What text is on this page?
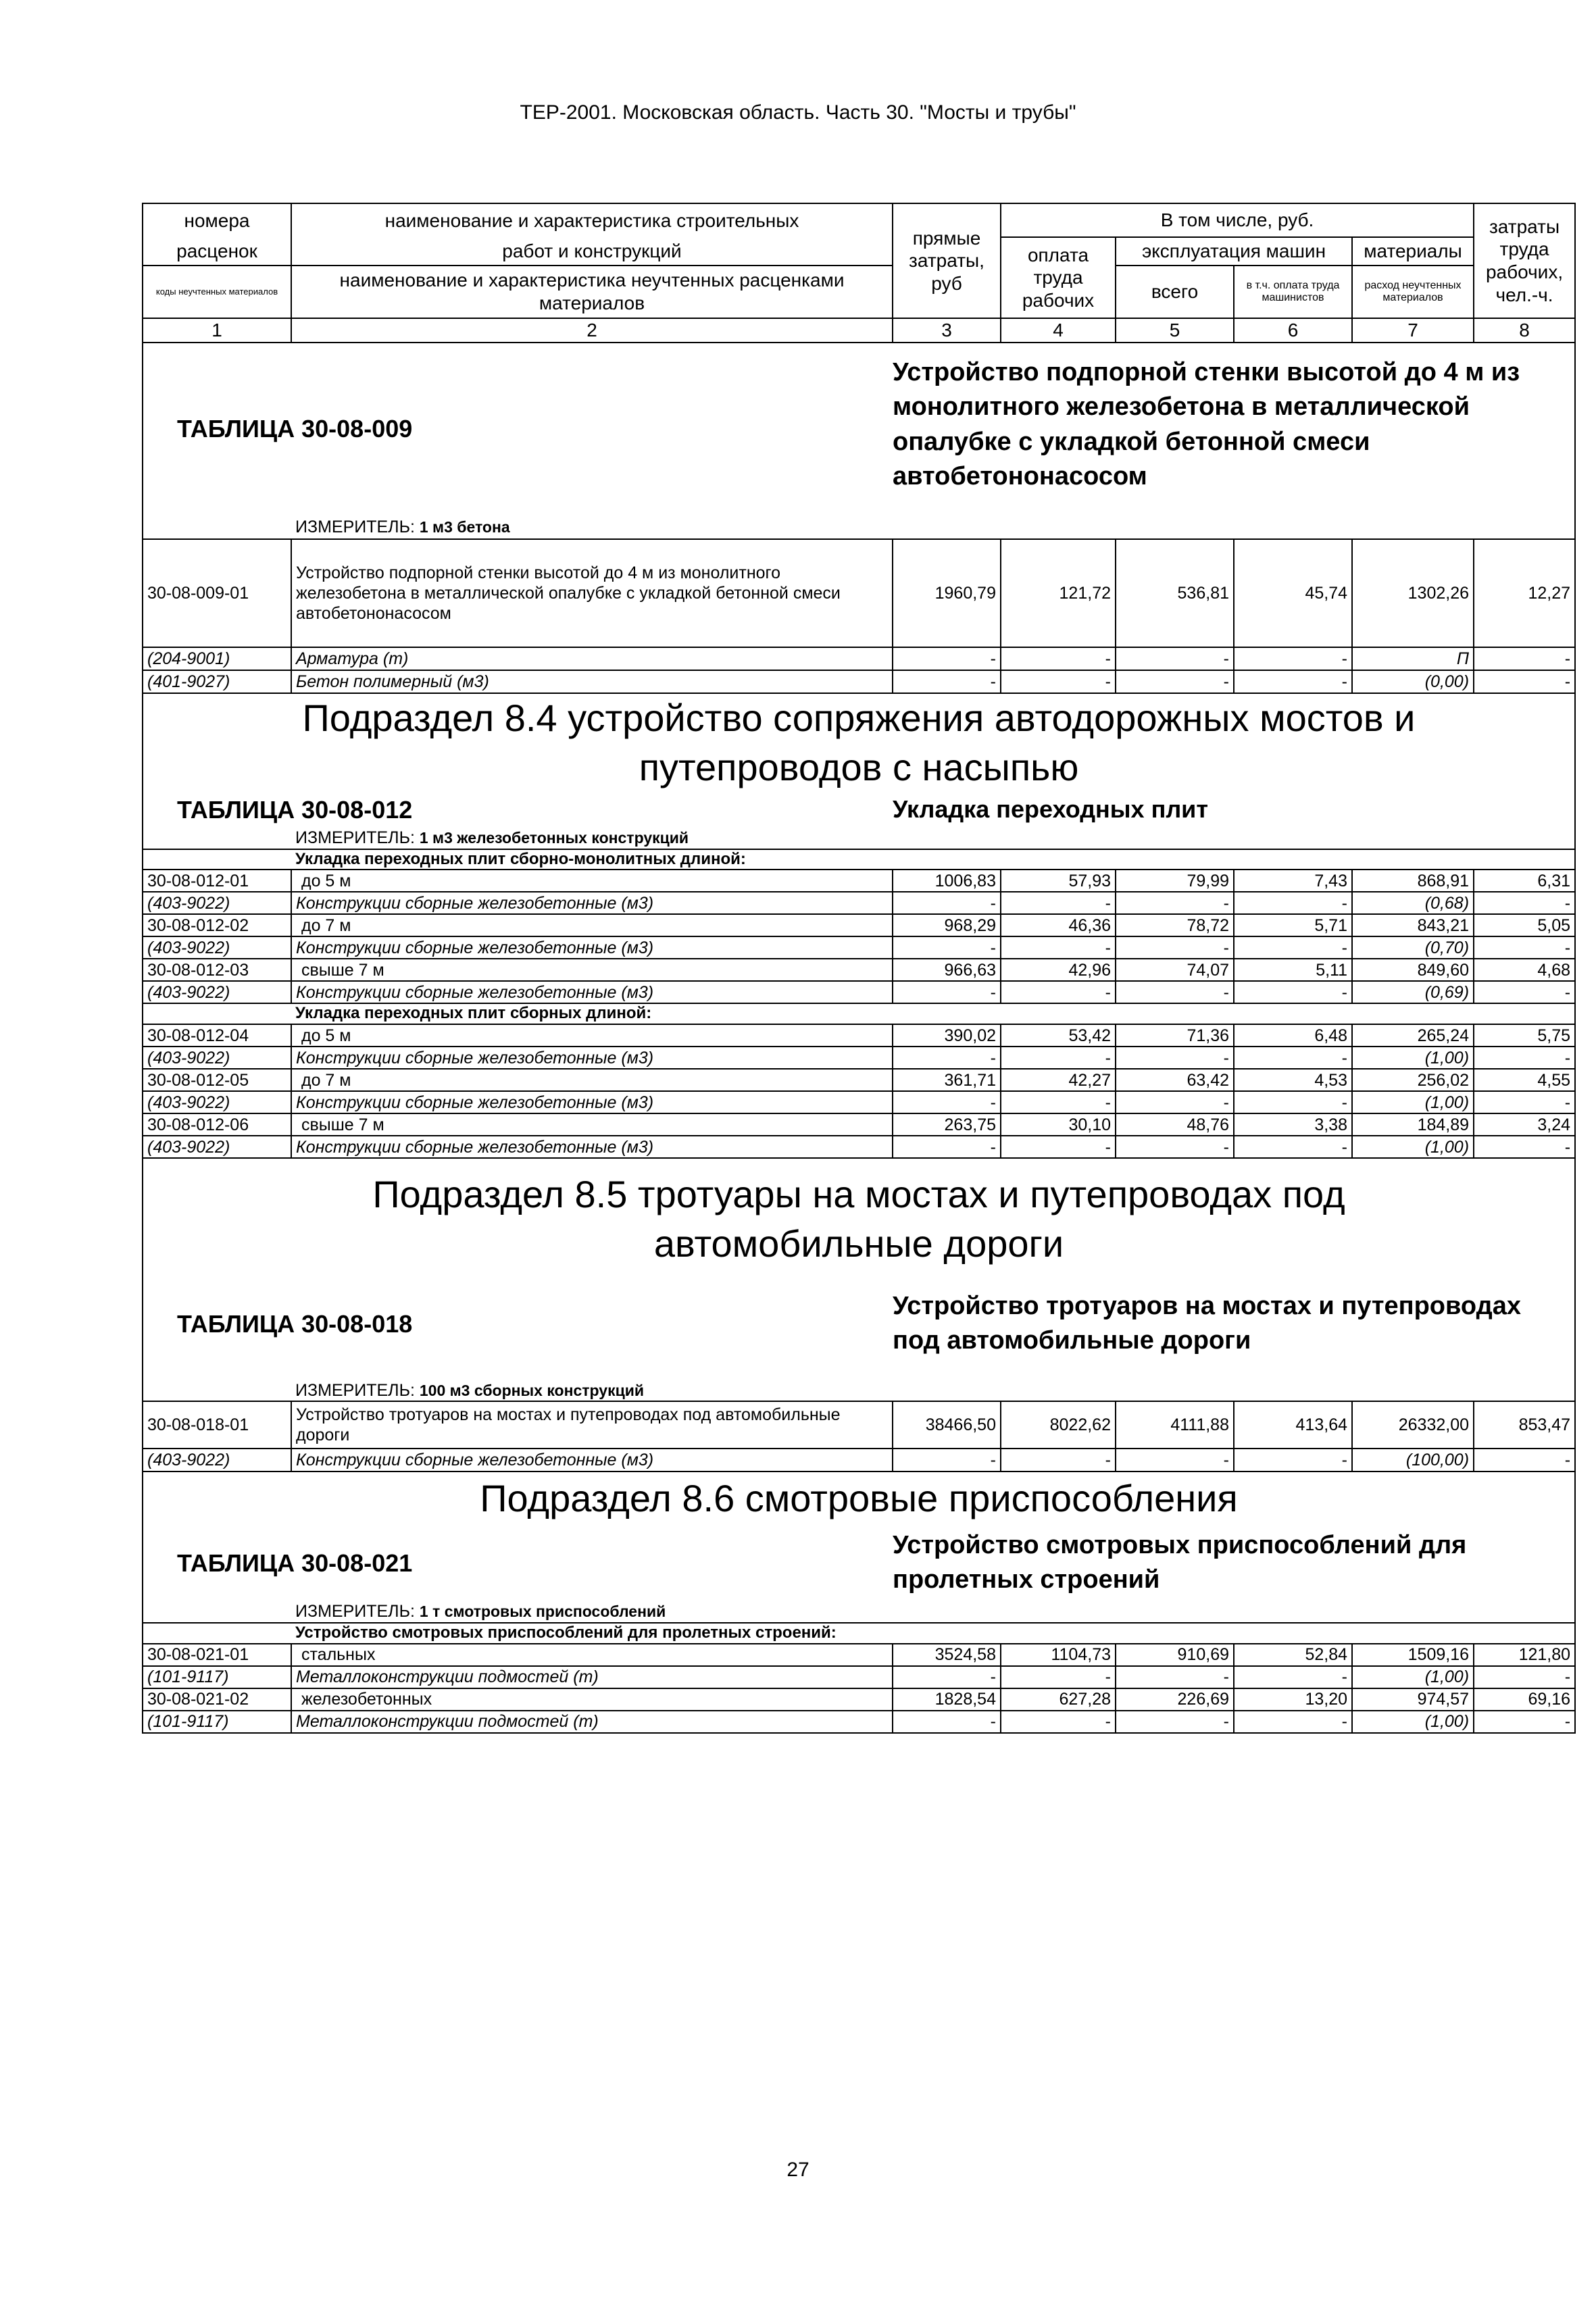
ТЕР-2001. Московская область. Часть 30. "Мосты и трубы"
номера	наименование и характеристика строительных	прямые затраты, руб	В том числе, руб.				затраты труда рабочих, чел.-ч.
расценок	работ и конструкций		оплата труда рабочих	эксплуатация машин		материалы	
коды неучтенных материалов	наименование и характеристика неучтенных расценками материалов			всего	в т.ч. оплата труда машинистов	расход неучтенных материалов	

1	2	3	4	5	6	7	8
ТАБЛИЦА 30-08-009		Устройство подпорной стенки высотой до 4 м из монолитного железобетона в металлической опалубке с укладкой бетонной смеси автобетононасосом					
	ИЗМЕРИТЕЛЬ: 1 м3 бетона						
30-08-009-01	Устройство подпорной стенки высотой до 4 м из монолитного железобетона в металлической опалубке с укладкой бетонной смеси автобетононасосом	1960,79	121,72	536,81	45,74	1302,26	12,27
(204-9001)	Арматура (т)	-	-	-	-	П	-
(401-9027)	Бетон полимерный (м3)	-	-	-	-	(0,00)	-
Подраздел 8.4 устройство сопряжения автодорожных мостов и путепроводов с насыпью							
ТАБЛИЦА 30-08-012		Укладка переходных плит					
	ИЗМЕРИТЕЛЬ: 1 м3 железобетонных конструкций						
	Укладка переходных плит сборно-монолитных длиной:						
30-08-012-01	до 5 м	1006,83	57,93	79,99	7,43	868,91	6,31
(403-9022)	Конструкции сборные железобетонные (м3)	-	-	-	-	(0,68)	-
30-08-012-02	до 7 м	968,29	46,36	78,72	5,71	843,21	5,05
(403-9022)	Конструкции сборные железобетонные (м3)	-	-	-	-	(0,70)	-
30-08-012-03	свыше 7 м	966,63	42,96	74,07	5,11	849,60	4,68
(403-9022)	Конструкции сборные железобетонные (м3)	-	-	-	-	(0,69)	-
	Укладка переходных плит сборных длиной:						
30-08-012-04	до 5 м	390,02	53,42	71,36	6,48	265,24	5,75
(403-9022)	Конструкции сборные железобетонные (м3)	-	-	-	-	(1,00)	-
30-08-012-05	до 7 м	361,71	42,27	63,42	4,53	256,02	4,55
(403-9022)	Конструкции сборные железобетонные (м3)	-	-	-	-	(1,00)	-
30-08-012-06	свыше 7 м	263,75	30,10	48,76	3,38	184,89	3,24
(403-9022)	Конструкции сборные железобетонные (м3)	-	-	-	-	(1,00)	-
Подраздел 8.5 тротуары на мостах и путепроводах под автомобильные дороги							
ТАБЛИЦА 30-08-018		Устройство тротуаров на мостах и путепроводах под автомобильные дороги					
	ИЗМЕРИТЕЛЬ: 100 м3 сборных конструкций						
30-08-018-01	Устройство тротуаров на мостах и путепроводах под автомобильные дороги	38466,50	8022,62	4111,88	413,64	26332,00	853,47
(403-9022)	Конструкции сборные железобетонные (м3)	-	-	-	-	(100,00)	-
Подраздел 8.6 смотровые приспособления							
ТАБЛИЦА 30-08-021		Устройство смотровых приспособлений для пролетных строений					
	ИЗМЕРИТЕЛЬ: 1 т смотровых приспособлений						
	Устройство смотровых приспособлений для пролетных строений:						
30-08-021-01	стальных	3524,58	1104,73	910,69	52,84	1509,16	121,80
(101-9117)	Металлоконструкции подмостей (т)	-	-	-	-	(1,00)	-
30-08-021-02	железобетонных	1828,54	627,28	226,69	13,20	974,57	69,16
(101-9117)	Металлоконструкции подмостей (т)	-	-	-	-	(1,00)	-
27
